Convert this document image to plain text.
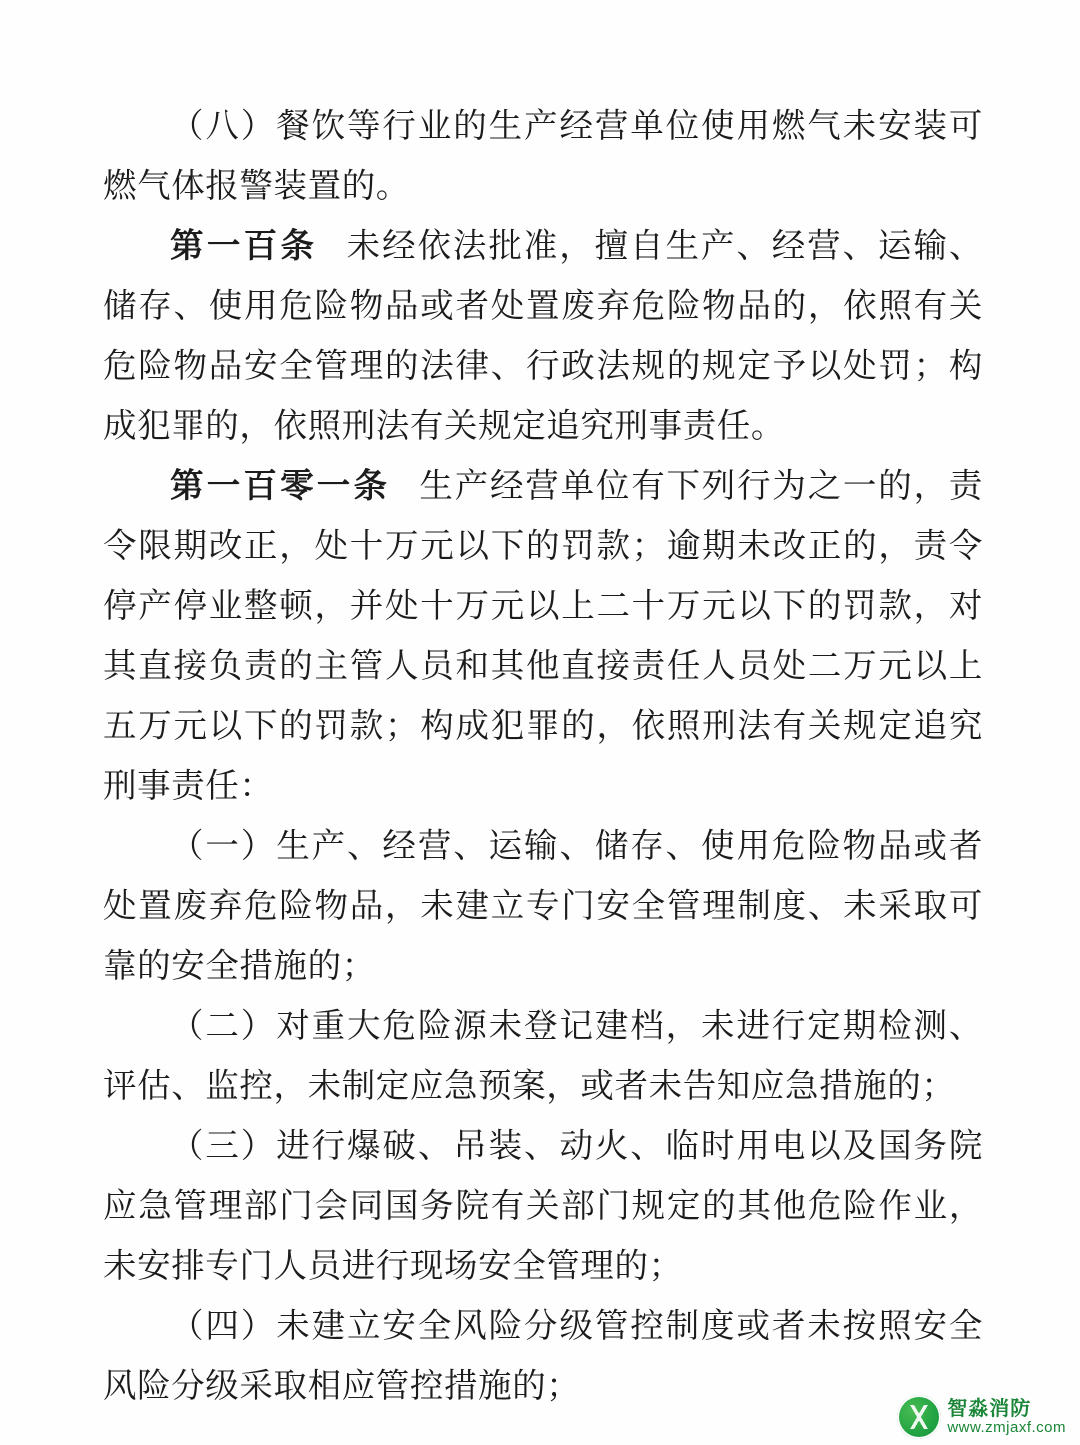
（八）餐饮等行业的生产经营单位使用燃气未安装可燃气体报警装置的。

第一百条 未经依法批准，擅自生产、经营、运输、储存、使用危险物品或者处置废弃危险物品的，依照有关危险物品安全管理的法律、行政法规的规定予以处罚；构成犯罪的，依照刑法有关规定追究刑事责任。

第一百零一条 生产经营单位有下列行为之一的，责令限期改正，处十万元以下的罚款；逾期未改正的，责令停产停业整顿，并处十万元以上二十万元以下的罚款，对其直接负责的主管人员和其他直接责任人员处二万元以上五万元以下的罚款；构成犯罪的，依照刑法有关规定追究刑事责任：

（一）生产、经营、运输、储存、使用危险物品或者处置废弃危险物品，未建立专门安全管理制度、未采取可靠的安全措施的；

（二）对重大危险源未登记建档，未进行定期检测、评估、监控，未制定应急预案，或者未告知应急措施的；

（三）进行爆破、吊装、动火、临时用电以及国务院应急管理部门会同国务院有关部门规定的其他危险作业，未安排专门人员进行现场安全管理的；

（四）未建立安全风险分级管控制度或者未按照安全风险分级采取相应管控措施的；

智淼消防
www.zmjaxf.com
